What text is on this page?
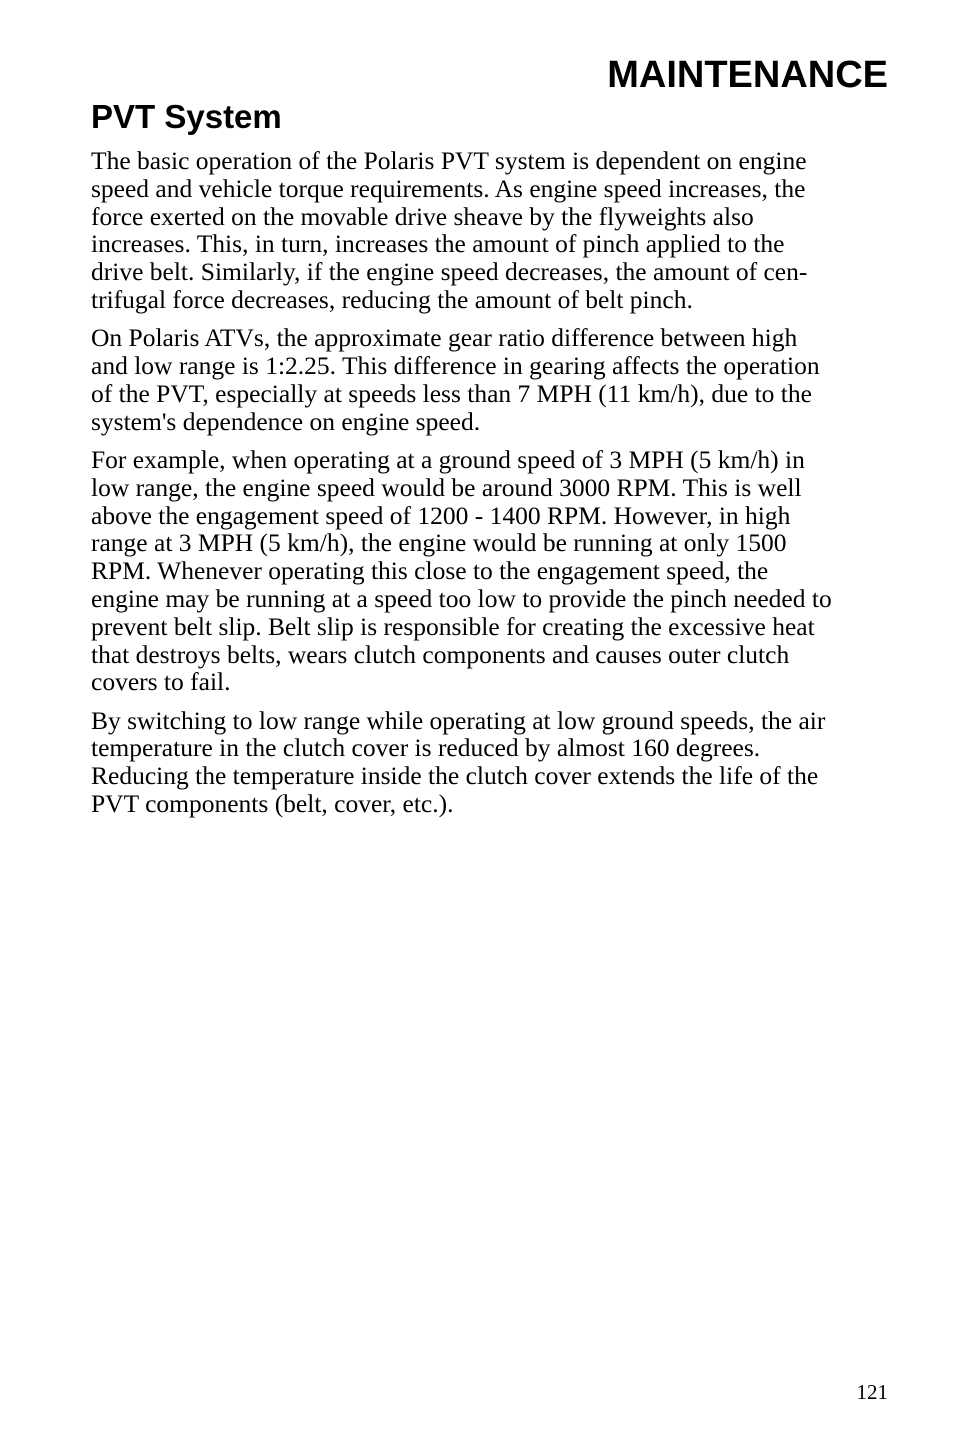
MAINTENANCE
PVT System
The basic operation of the Polaris PVT system is dependent on engine
speed and vehicle torque requirements. As engine speed increases, the
force exerted on the movable drive sheave by the flyweights also
increases. This, in turn, increases the amount of pinch applied to the
drive belt. Similarly, if the engine speed decreases, the amount of cen-
trifugal force decreases, reducing the amount of belt pinch.
On Polaris ATVs, the approximate gear ratio difference between high
and low range is 1:2.25. This difference in gearing affects the operation
of the PVT, especially at speeds less than 7 MPH (11 km/h), due to the
system's dependence on engine speed.
For example, when operating at a ground speed of 3 MPH (5 km/h) in
low range, the engine speed would be around 3000 RPM. This is well
above the engagement speed of 1200 - 1400 RPM. However, in high
range at 3 MPH (5 km/h), the engine would be running at only 1500
RPM. Whenever operating this close to the engagement speed, the
engine may be running at a speed too low to provide the pinch needed to
prevent belt slip. Belt slip is responsible for creating the excessive heat
that destroys belts, wears clutch components and causes outer clutch
covers to fail.
By switching to low range while operating at low ground speeds, the air
temperature in the clutch cover is reduced by almost 160 degrees.
Reducing the temperature inside the clutch cover extends the life of the
PVT components (belt, cover, etc.).
121
